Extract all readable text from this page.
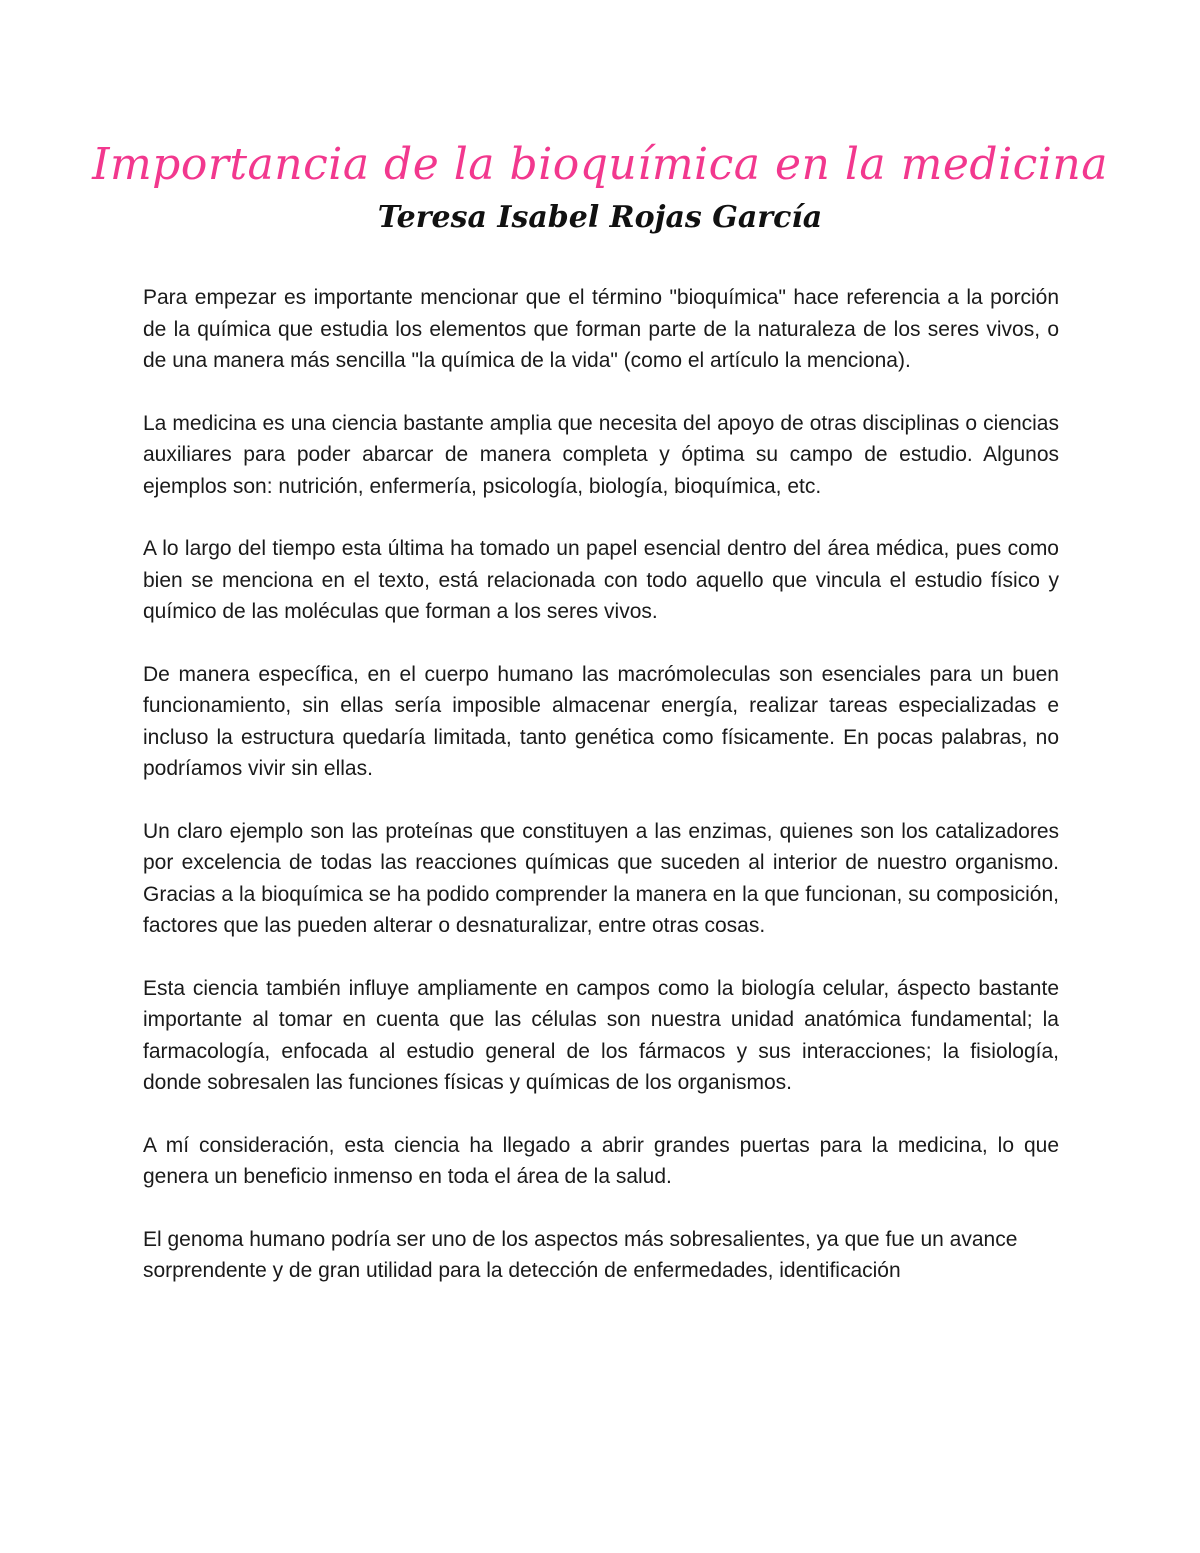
Importancia de la bioquímica en la medicina
Teresa Isabel Rojas García

Para empezar es importante mencionar que el término "bioquímica" hace referencia a la porción de la química que estudia los elementos que forman parte de la naturaleza de los seres vivos, o de una manera más sencilla "la química de la vida" (como el artículo la menciona).

La medicina es una ciencia bastante amplia que necesita del apoyo de otras disciplinas o ciencias auxiliares para poder abarcar de manera completa y óptima su campo de estudio. Algunos ejemplos son: nutrición, enfermería, psicología, biología, bioquímica, etc.

A lo largo del tiempo esta última ha tomado un papel esencial dentro del área médica, pues como bien se menciona en el texto, está relacionada con todo aquello que vincula el estudio físico y químico de las moléculas que forman a los seres vivos.

De manera específica, en el cuerpo humano las macrómoleculas son esenciales para un buen funcionamiento, sin ellas sería imposible almacenar energía, realizar tareas especializadas e incluso la estructura quedaría limitada, tanto genética como físicamente. En pocas palabras, no podríamos vivir sin ellas.

Un claro ejemplo son las proteínas que constituyen a las enzimas, quienes son los catalizadores por excelencia de todas las reacciones químicas que suceden al interior de nuestro organismo. Gracias a la bioquímica se ha podido comprender la manera en la que funcionan, su composición, factores que las pueden alterar o desnaturalizar, entre otras cosas.

Esta ciencia también influye ampliamente en campos como la biología celular, áspecto bastante importante al tomar en cuenta que las células son nuestra unidad anatómica fundamental; la farmacología, enfocada al estudio general de los fármacos y sus interacciones; la fisiología, donde sobresalen las funciones físicas y químicas de los organismos.

A mí consideración, esta ciencia ha llegado a abrir grandes puertas para la medicina, lo que genera un beneficio inmenso en toda el área de la salud.

El genoma humano podría ser uno de los aspectos más sobresalientes, ya que fue un avance sorprendente y de gran utilidad para la detección de enfermedades, identificación
